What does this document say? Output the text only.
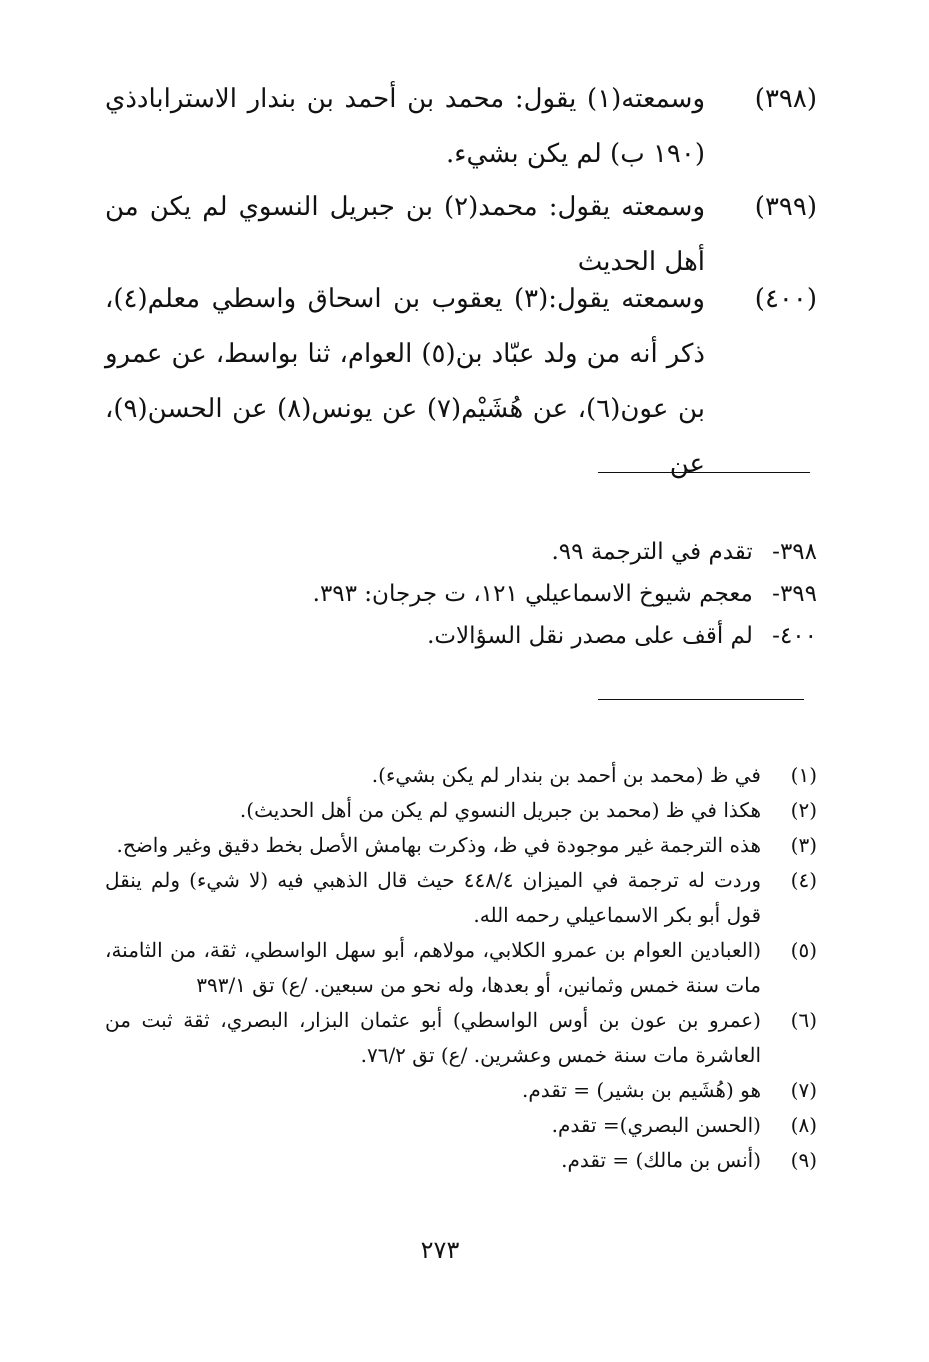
(٣٩٨)
وسمعته(١) يقول: محمد بن أحمد بن بندار الاسترابادذي (١٩٠ ب) لم يكن بشيء.
(٣٩٩)
وسمعته يقول: محمد(٢) بن جبريل النسوي لم يكن من أهل الحديث
(٤٠٠)
وسمعته يقول:(٣) يعقوب بن اسحاق واسطي معلم(٤)، ذكر أنه من ولد عبّاد بن(٥) العوام، ثنا بواسط، عن عمرو بن عون(٦)، عن هُشَيْم(٧) عن يونس(٨) عن الحسن(٩)، عن
٣٩٨- تقدم في الترجمة ٩٩.
٣٩٩- معجم شيوخ الاسماعيلي ١٢١، ت جرجان: ٣٩٣.
٤٠٠- لم أقف على مصدر نقل السؤالات.
(١)
في ظ (محمد بن أحمد بن بندار لم يكن بشيء).
(٢)
هكذا في ظ (محمد بن جبريل النسوي لم يكن من أهل الحديث).
(٣)
هذه الترجمة غير موجودة في ظ، وذكرت بهامش الأصل بخط دقيق وغير واضح.
(٤)
وردت له ترجمة في الميزان ٤٤٨/٤ حيث قال الذهبي فيه (لا شيء) ولم ينقل قول أبو بكر الاسماعيلي رحمه الله.
(٥)
(العبادين العوام بن عمرو الكلابي، مولاهم، أبو سهل الواسطي، ثقة، من الثامنة، مات سنة خمس وثمانين، أو بعدها، وله نحو من سبعين. /ع) تق ٣٩٣/١
(٦)
(عمرو بن عون بن أوس الواسطي) أبو عثمان البزار، البصري، ثقة ثبت من العاشرة مات سنة خمس وعشرين. /ع) تق ٧٦/٢.
(٧)
هو (هُشَيم بن بشير) = تقدم.
(٨)
(الحسن البصري)= تقدم.
(٩)
(أنس بن مالك) = تقدم.
٢٧٣
